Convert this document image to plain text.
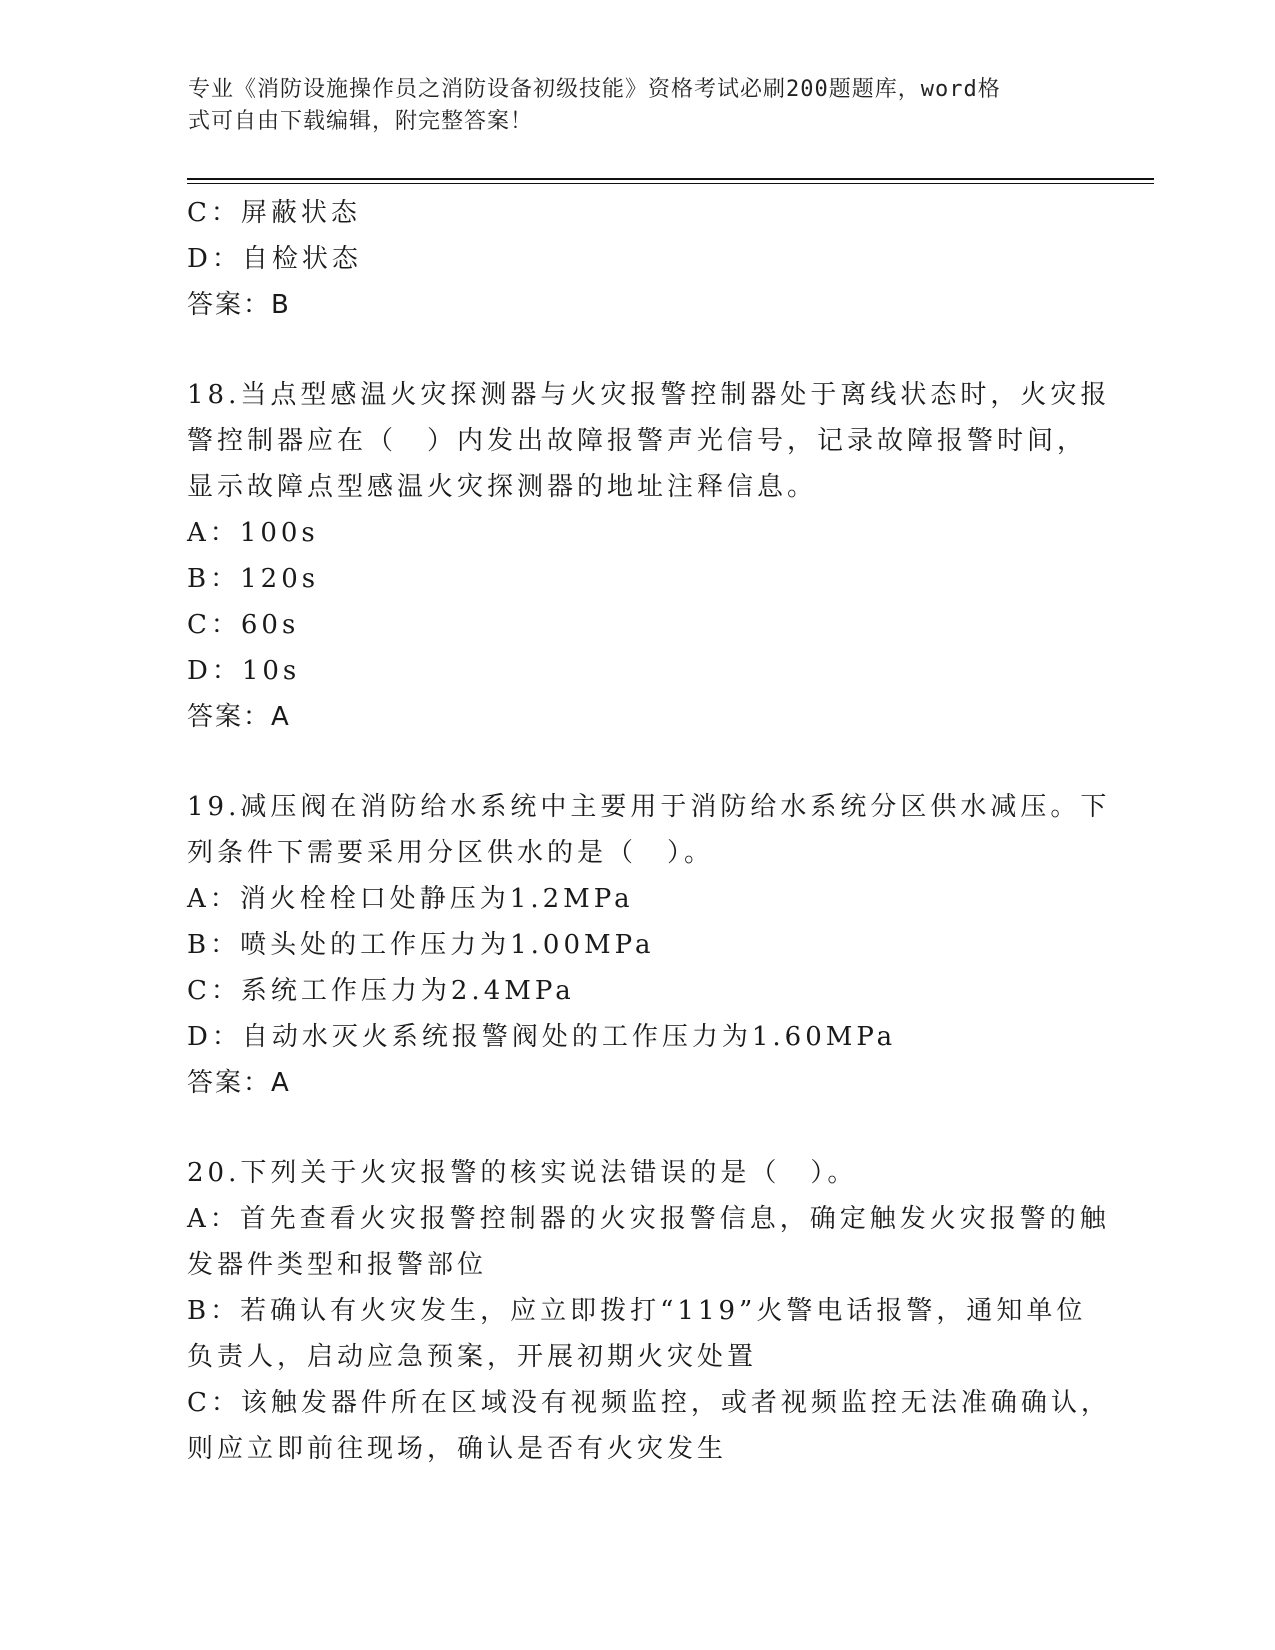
专业《消防设施操作员之消防设备初级技能》资格考试必刷200题题库，word格
式可自由下载编辑，附完整答案！
C：屏蔽状态
D：自检状态
答案：B
18.当点型感温火灾探测器与火灾报警控制器处于离线状态时，火灾报
警控制器应在（　）内发出故障报警声光信号，记录故障报警时间，
显示故障点型感温火灾探测器的地址注释信息。
A：100s
B：120s
C：60s
D：10s
答案：A
19.减压阀在消防给水系统中主要用于消防给水系统分区供水减压。下
列条件下需要采用分区供水的是（　）。
A：消火栓栓口处静压为1.2MPa
B：喷头处的工作压力为1.00MPa
C：系统工作压力为2.4MPa
D：自动水灭火系统报警阀处的工作压力为1.60MPa
答案：A
20.下列关于火灾报警的核实说法错误的是（　）。
A：首先查看火灾报警控制器的火灾报警信息，确定触发火灾报警的触
发器件类型和报警部位
B：若确认有火灾发生，应立即拨打“119”火警电话报警，通知单位
负责人，启动应急预案，开展初期火灾处置
C：该触发器件所在区域没有视频监控，或者视频监控无法准确确认，
则应立即前往现场，确认是否有火灾发生
